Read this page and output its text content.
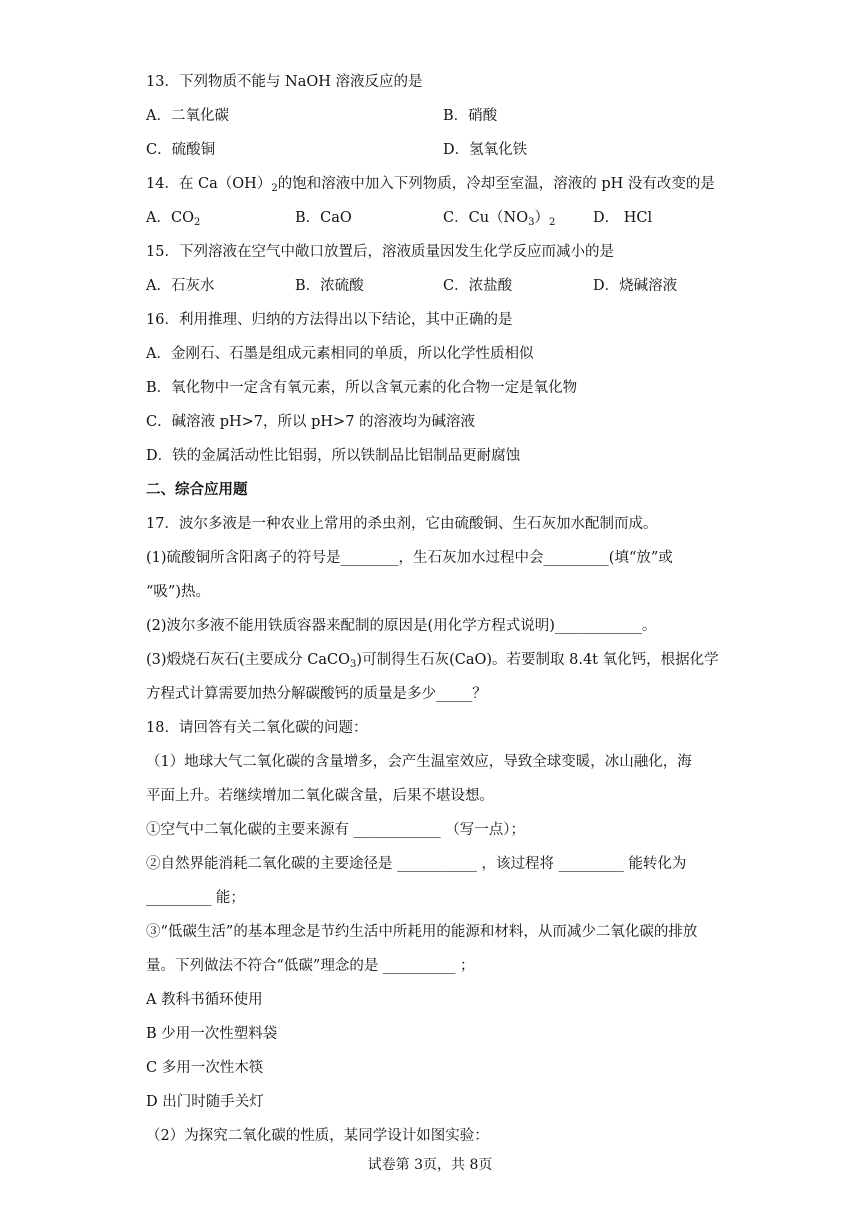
13．下列物质不能与 NaOH 溶液反应的是
A．二氧化碳	B．硝酸
C．硫酸铜	D．氢氧化铁
14．在 $Ca(OH)_2$的饱和溶液中加入下列物质，冷却至室温，溶液的 pH 没有改变的是
A．$CO_2$	B．CaO	C．$Cu(NO_3)_2$	D． HCl
15．下列溶液在空气中敞口放置后，溶液质量因发生化学反应而减小的是
A．石灰水	B．浓硫酸	C．浓盐酸	D．烧碱溶液
16．利用推理、归纳的方法得出以下结论，其中正确的是
A．金刚石、石墨是组成元素相同的单质，所以化学性质相似
B．氧化物中一定含有氧元素，所以含氧元素的化合物一定是氧化物
C．碱溶液 pH>7，所以 pH>7 的溶液均为碱溶液
D．铁的金属活动性比铝弱，所以铁制品比铝制品更耐腐蚀
二、综合应用题
17．波尔多液是一种农业上常用的杀虫剂，它由硫酸铜、生石灰加水配制而成。
(1)硫酸铜所含阳离子的符号是________，生石灰加水过程中会_________(填“放”或
“吸”)热。
(2)波尔多液不能用铁质容器来配制的原因是(用化学方程式说明)____________。
(3)煅烧石灰石(主要成分 CaCO$_3$)可制得生石灰(CaO)。若要制取 8.4t 氧化钙，根据化学
方程式计算需要加热分解碳酸钙的质量是多少_____？
18．请回答有关二氧化碳的问题：
（1）地球大气二氧化碳的含量增多，会产生温室效应，导致全球变暖，冰山融化，海
平面上升。若继续增加二氧化碳含量，后果不堪设想。
①空气中二氧化碳的主要来源有 ____________ （写一点）；
②自然界能消耗二氧化碳的主要途径是 ___________ ，该过程将 _________ 能转化为
_________ 能；
③“低碳生活”的基本理念是节约生活中所耗用的能源和材料，从而减少二氧化碳的排放
量。下列做法不符合“低碳”理念的是 __________ ；
A 教科书循环使用
B 少用一次性塑料袋
C 多用一次性木筷
D 出门时随手关灯
（2）为探究二氧化碳的性质，某同学设计如图实验：
试卷第 3页，共 8页
